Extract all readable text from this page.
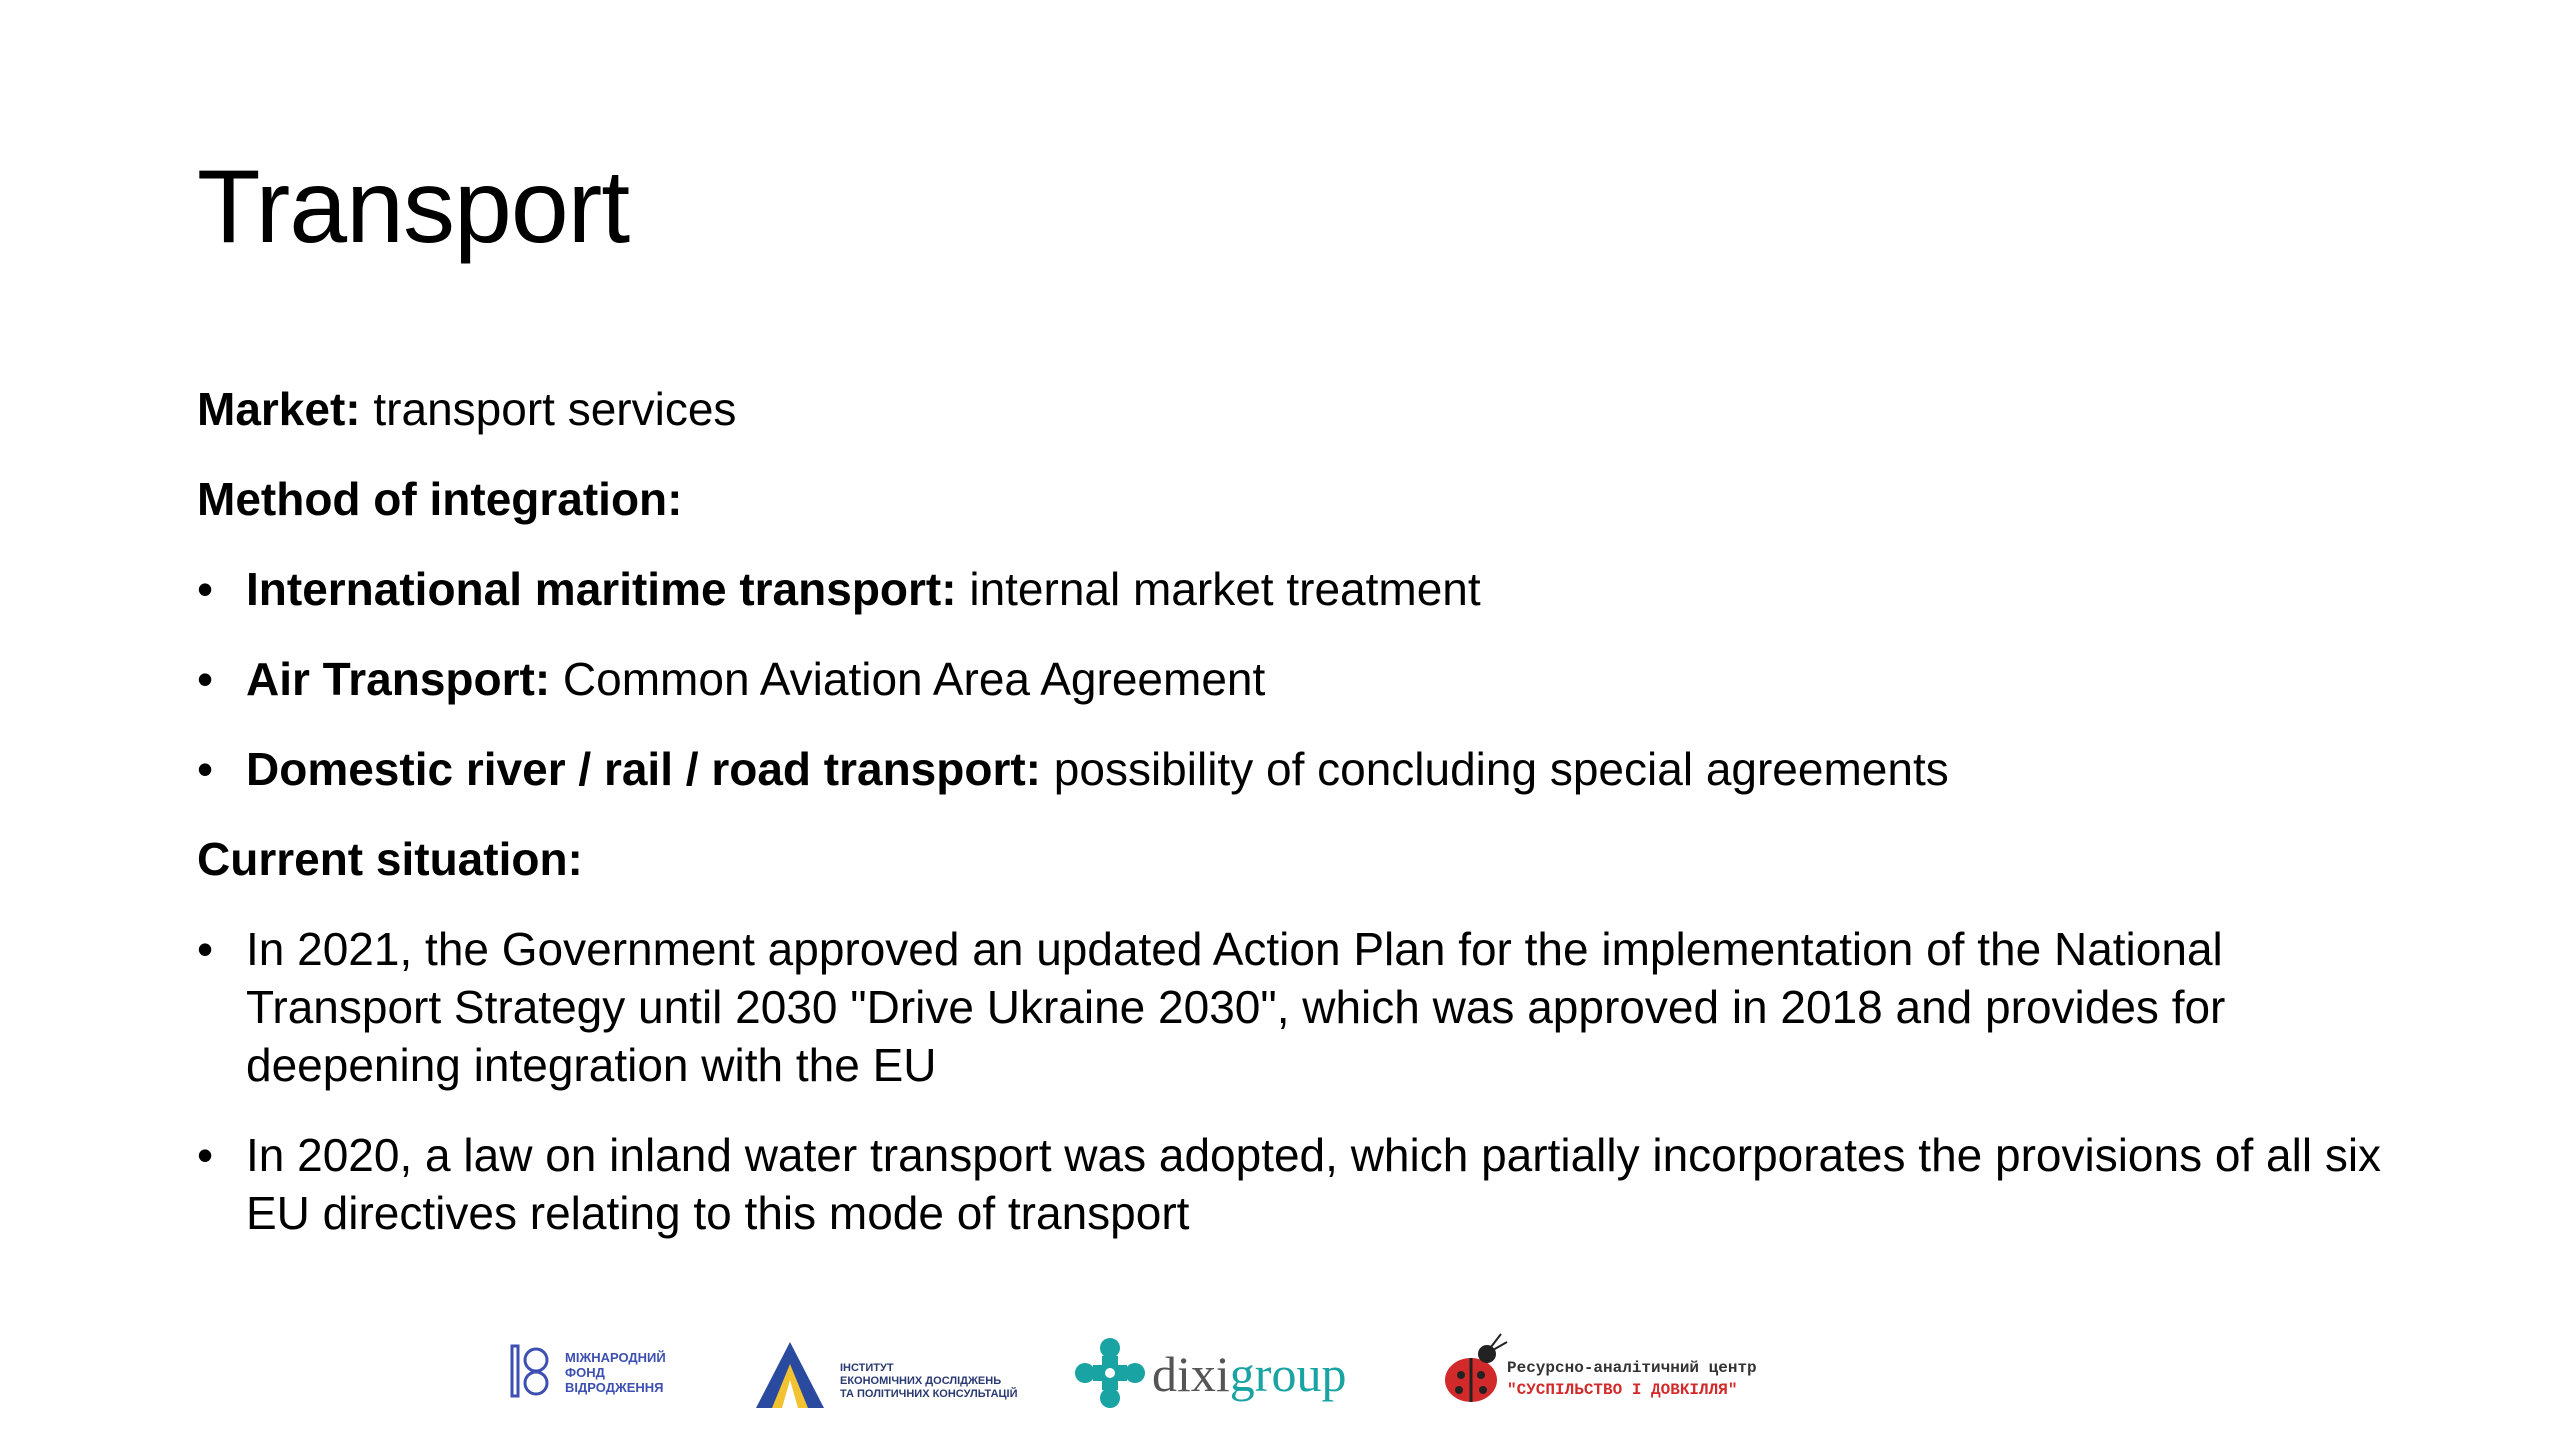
Transport
Market: transport services
Method of integration:
• International maritime transport: internal market treatment
• Air Transport: Common Aviation Area Agreement
• Domestic river / rail / road transport: possibility of concluding special agreements
Current situation:
• In 2021, the Government approved an updated Action Plan for the implementation of the National Transport Strategy until 2030 "Drive Ukraine 2030", which was approved in 2018 and provides for deepening integration with the EU
• In 2020, a law on inland water transport was adopted, which partially incorporates the provisions of all six EU directives relating to this mode of transport
МІЖНАРОДНИЙ
ФОНД
ВІДРОДЖЕННЯ
ІНСТИТУТ
ЕКОНОМІЧНИХ ДОСЛІДЖЕНЬ
ТА ПОЛІТИЧНИХ КОНСУЛЬТАЦІЙ	dixigroup	Ресурсно-аналітичний центр
"СУСПІЛЬСТВО І ДОВКІЛЛЯ"
